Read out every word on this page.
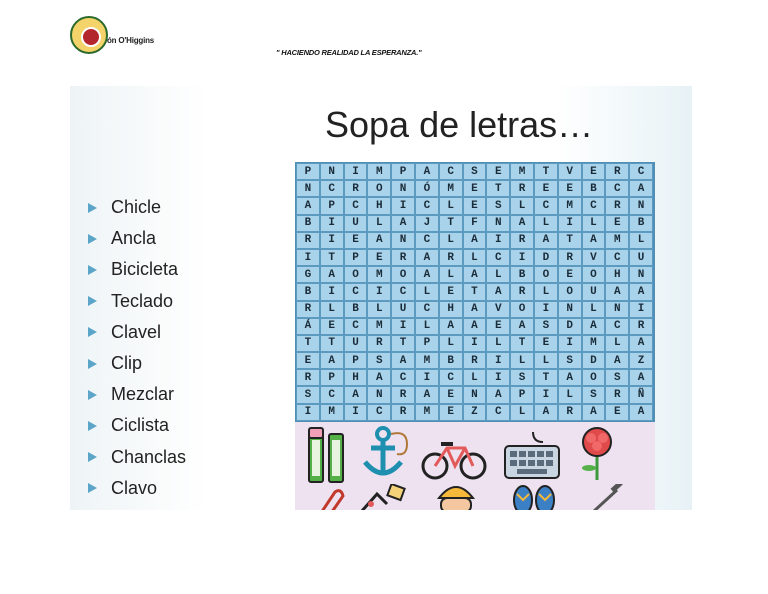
ón O'Higgins
" HACIENDO REALIDAD LA ESPERANZA."
Sopa de letras…
Chicle
Ancla
Bicicleta
Teclado
Clavel
Clip
Mezclar
Ciclista
Chanclas
Clavo
P	N	I	M	P	A	C	S	E	M	T	V	E	R	C
N	C	R	O	N	Ó	M	E	T	R	E	E	B	C	A
A	P	C	H	I	C	L	E	S	L	C	M	C	R	N
B	I	U	L	A	J	T	F	N	A	L	I	L	E	B
R	I	E	A	N	C	L	A	I	R	A	T	A	M	L
I	T	P	E	R	A	R	L	C	I	D	R	V	C	U
G	A	O	M	O	A	L	A	L	B	O	E	O	H	N
B	I	C	I	C	L	E	T	A	R	L	O	U	A	A
R	L	B	L	U	C	H	A	V	O	I	N	L	N	I
Á	E	C	M	I	L	A	A	E	A	S	D	A	C	R
T	T	U	R	T	P	L	I	L	T	E	I	M	L	A
E	A	P	S	A	M	B	R	I	L	L	S	D	A	Z
R	P	H	A	C	I	C	L	I	S	T	A	O	S	A
S	C	A	N	R	A	E	N	A	P	I	L	S	R	Ñ
I	M	I	C	R	M	E	Z	C	L	A	R	A	E	A
